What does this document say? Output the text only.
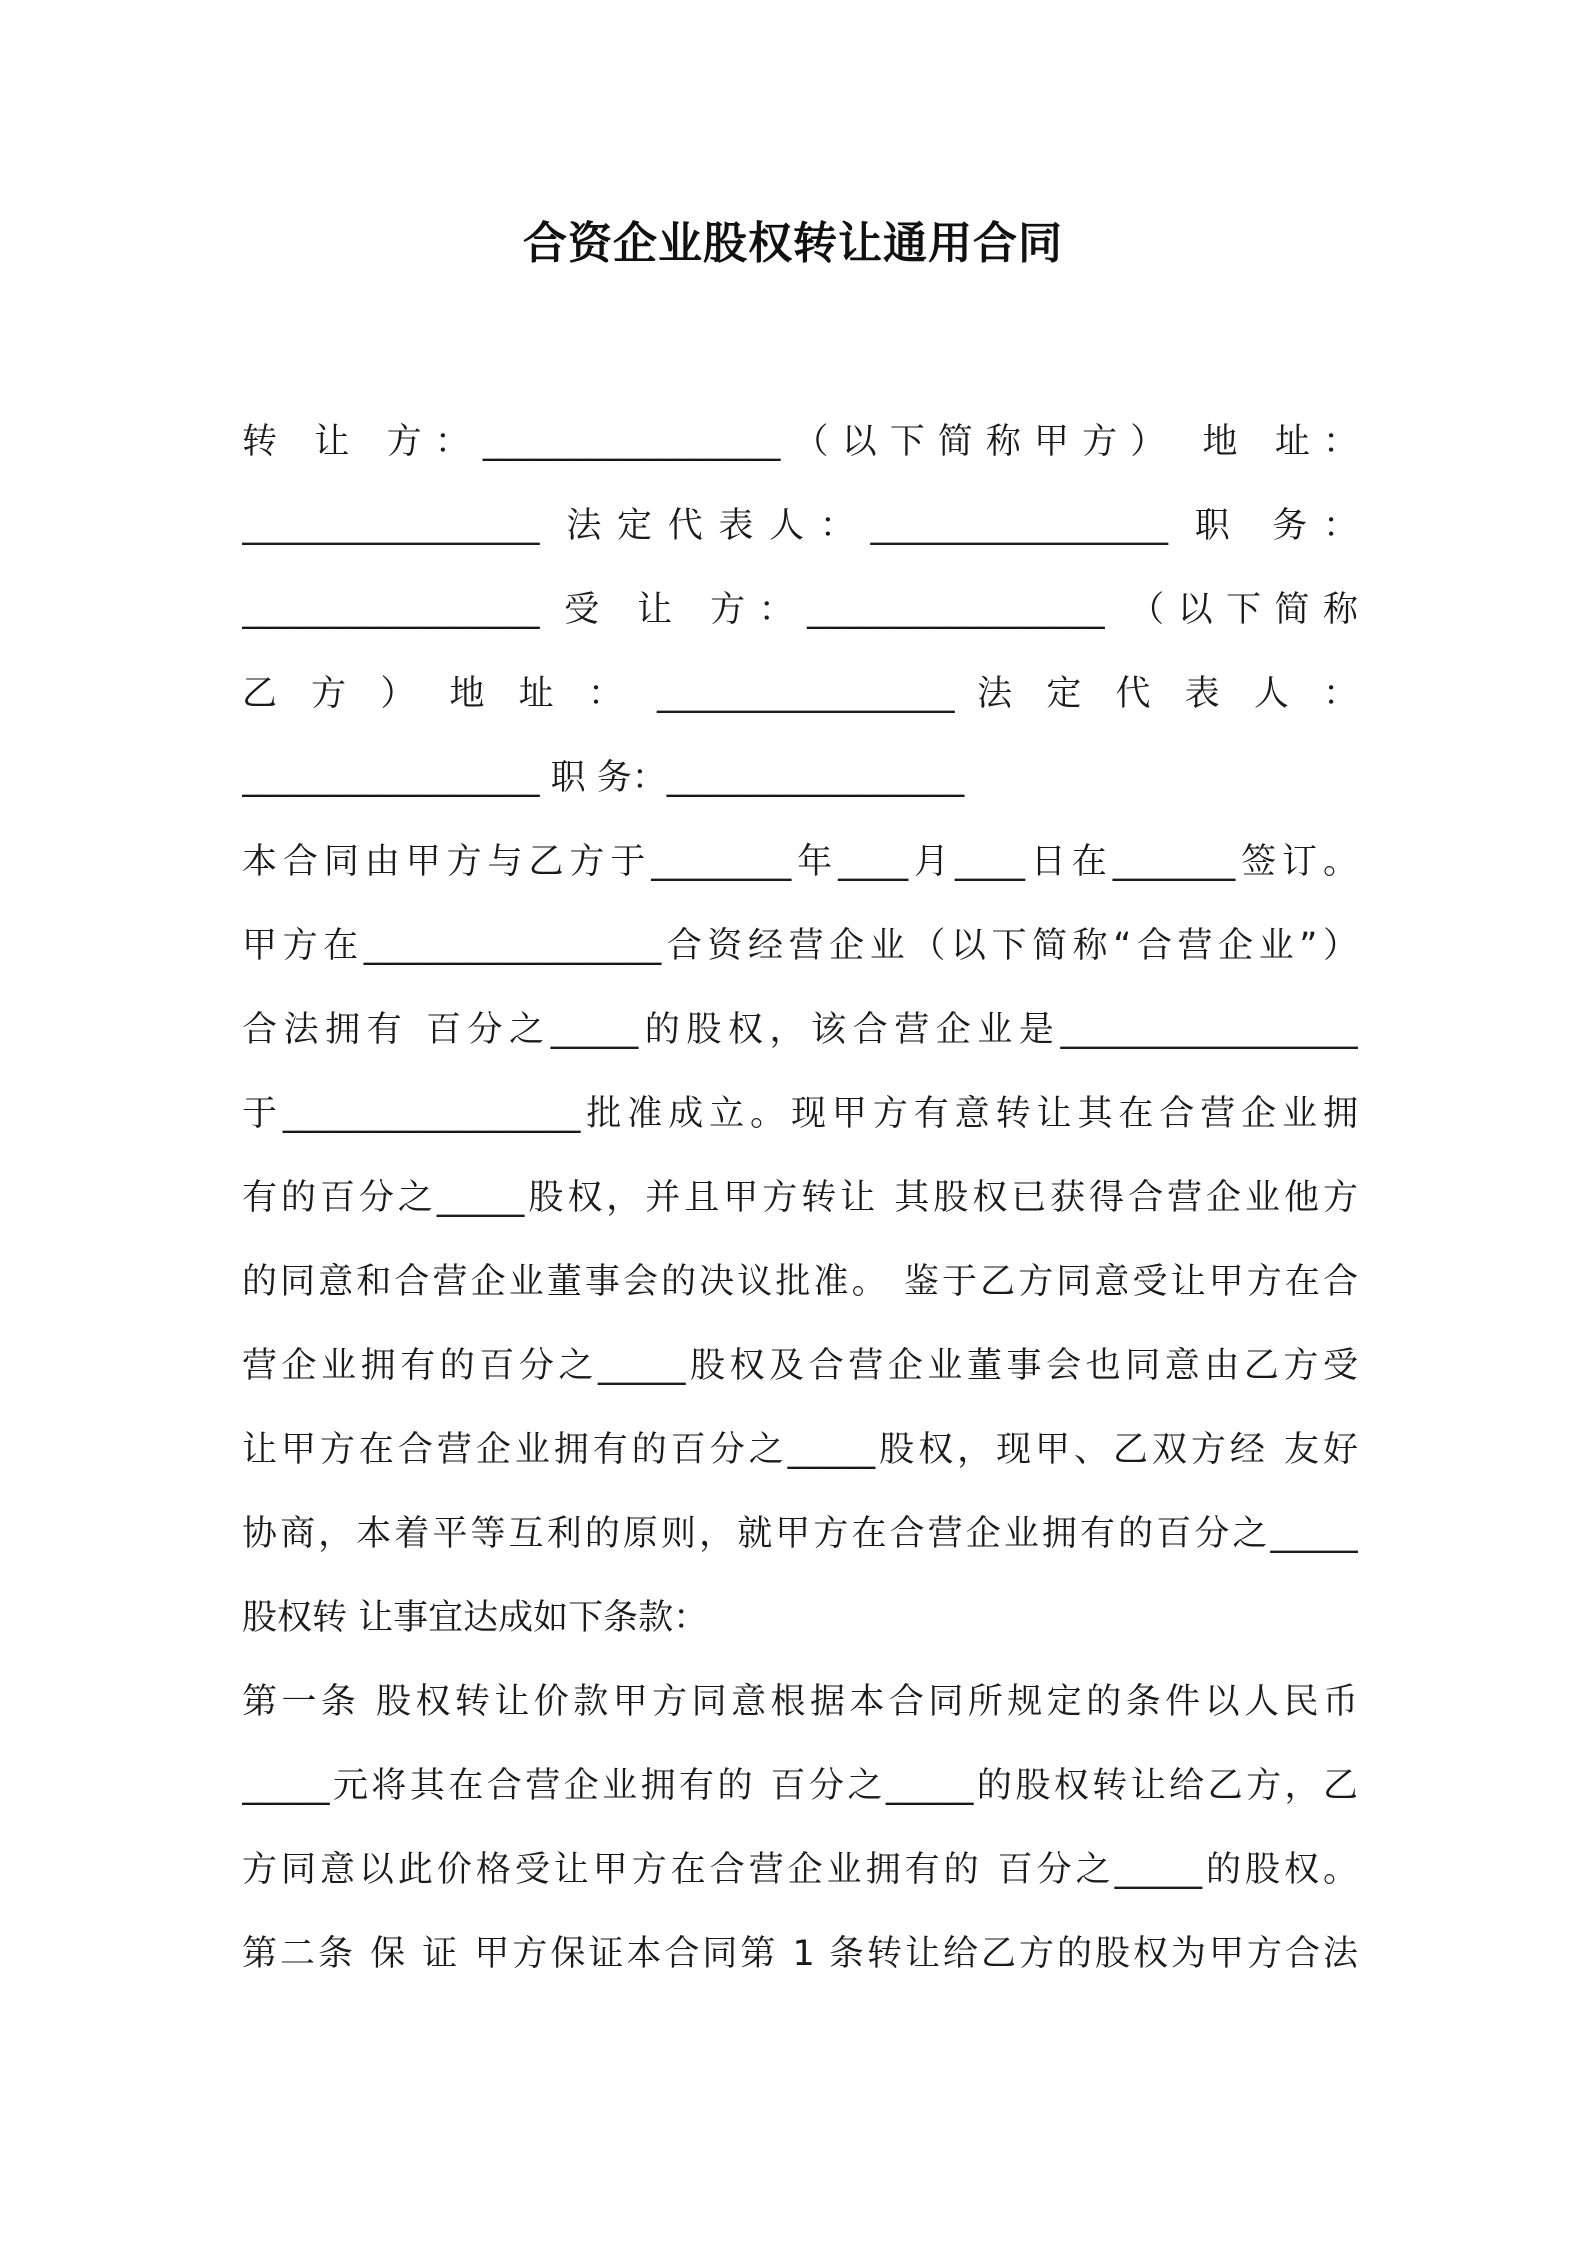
合资企业股权转让通用合同
转 让 方：_________________（以下简称甲方） 地 址：
_________________ 法定代表人：_________________ 职 务：
_________________ 受 让 方：_________________ （以下简称
乙 方 ） 地 址 ： _________________ 法 定 代 表 人 ：
_________________ 职 务：_________________
本合同由甲方与乙方于________年____月____日在_______签订。
甲方在_________________合资经营企业（以下简称“合营企业”）
合法拥有 百分之_____的股权，该合营企业是_________________
于_________________批准成立。现甲方有意转让其在合营企业拥
有的百分之_____股权，并且甲方转让 其股权已获得合营企业他方
的同意和合营企业董事会的决议批准。 鉴于乙方同意受让甲方在合
营企业拥有的百分之_____股权及合营企业董事会也同意由乙方受
让甲方在合营企业拥有的百分之_____股权，现甲、乙双方经 友好
协商，本着平等互利的原则，就甲方在合营企业拥有的百分之_____
股权转 让事宜达成如下条款：
第一条 股权转让价款甲方同意根据本合同所规定的条件以人民币
_____元将其在合营企业拥有的 百分之_____的股权转让给乙方，乙
方同意以此价格受让甲方在合营企业拥有的 百分之_____的股权。
第二条 保 证 甲方保证本合同第 1 条转让给乙方的股权为甲方合法
